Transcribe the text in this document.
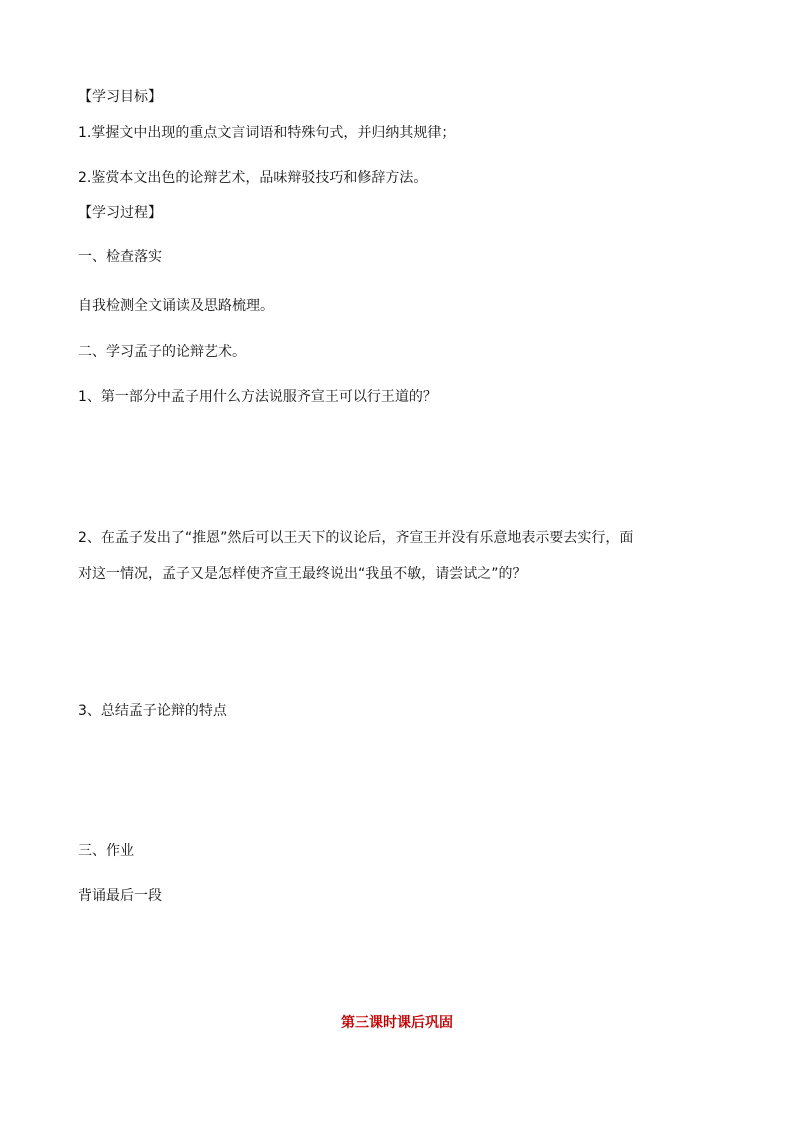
【学习目标】
1.掌握文中出现的重点文言词语和特殊句式，并归纳其规律；
2.鉴赏本文出色的论辩艺术，品味辩驳技巧和修辞方法。
【学习过程】
一、检查落实
自我检测全文诵读及思路梳理。
二、学习孟子的论辩艺术。
1、第一部分中孟子用什么方法说服齐宣王可以行王道的？
2、在孟子发出了“推恩”然后可以王天下的议论后，齐宣王并没有乐意地表示要去实行，面
对这一情况，孟子又是怎样使齐宣王最终说出“我虽不敏，请尝试之”的？
3、总结孟子论辩的特点
三、作业
背诵最后一段
第三课时课后巩固
